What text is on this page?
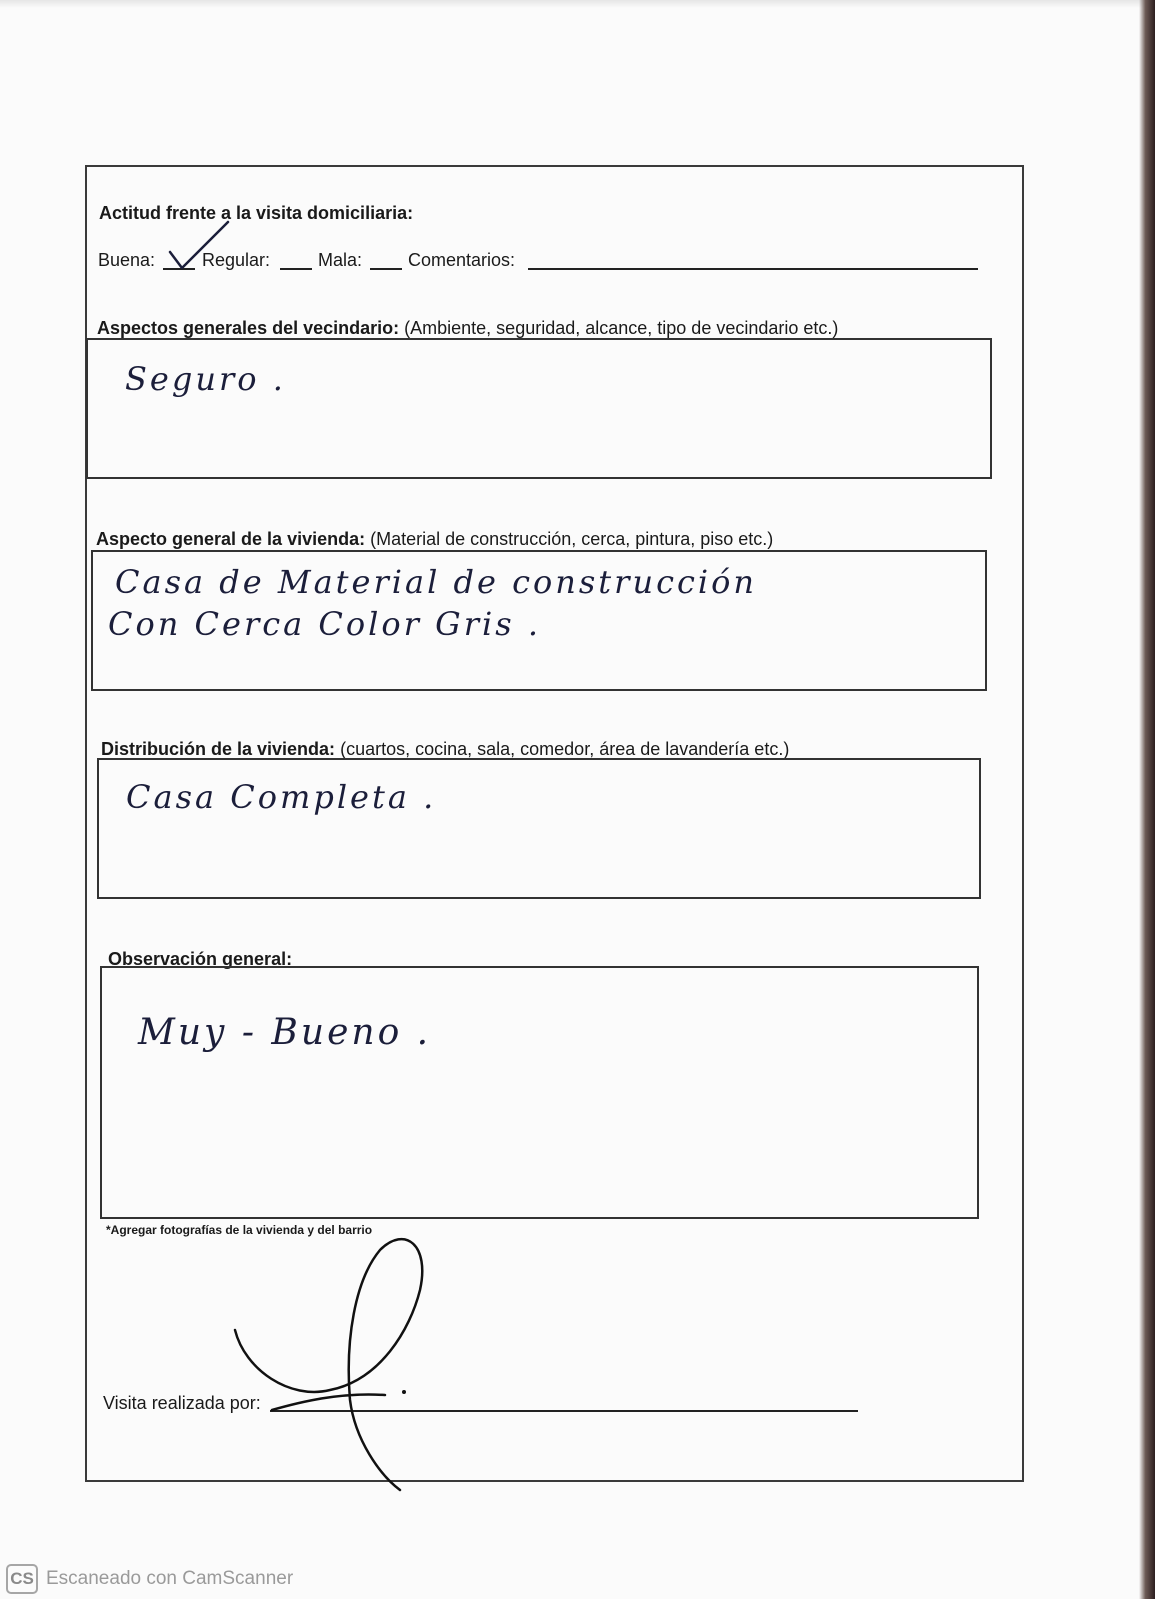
Actitud frente a la visita domiciliaria:
Buena:	Regular:	Mala:	Comentarios:
Aspectos generales del vecindario: (Ambiente, seguridad, alcance, tipo de vecindario etc.)
Seguro .
Aspecto general de la vivienda: (Material de construcción, cerca, pintura, piso etc.)
Casa de Material de construcción
Con Cerca Color Gris .
Distribución de la vivienda: (cuartos, cocina, sala, comedor, área de lavandería etc.)
Casa Completa .
Observación general:
Muy - Bueno .
*Agregar fotografías de la vivienda y del barrio
Visita realizada por:
CS Escaneado con CamScanner
